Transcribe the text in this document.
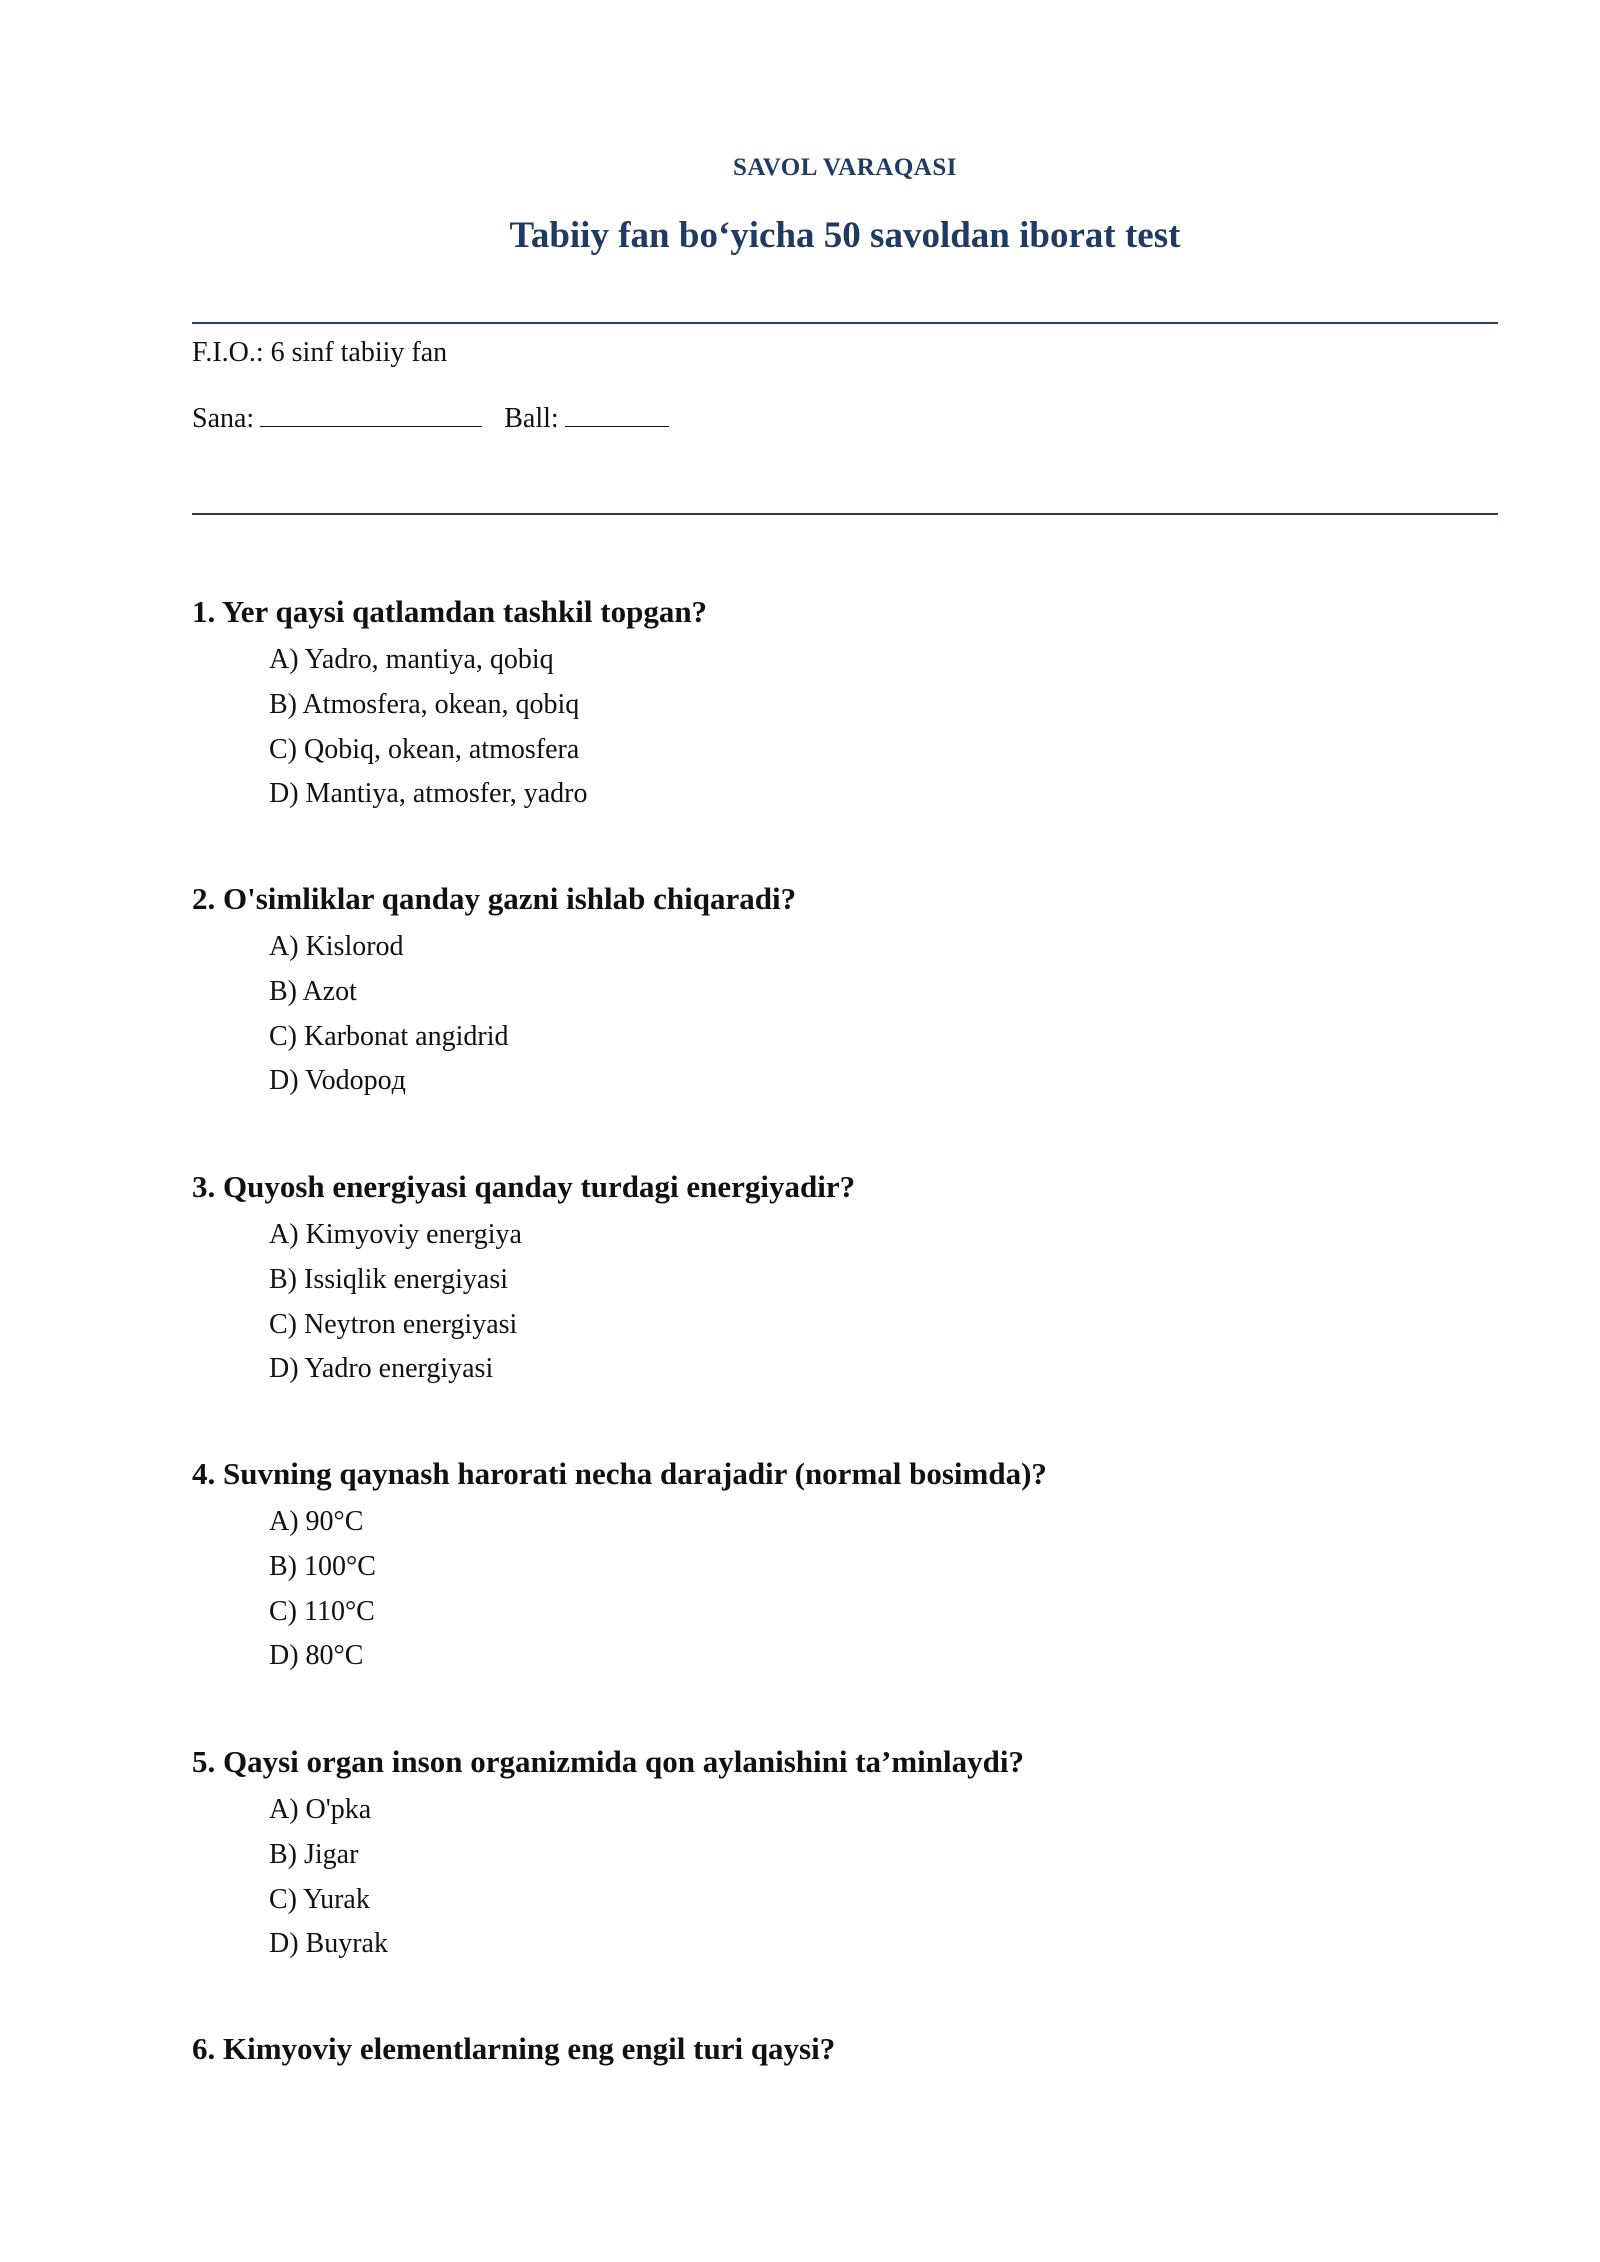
SAVOL VARAQASI
Tabiiy fan bo‘yicha 50 savoldan iborat test
F.I.O.: 6 sinf tabiiy fan
Sana:	Ball:
1. Yer qaysi qatlamdan tashkil topgan?
A) Yadro, mantiya, qobiq
B) Atmosfera, okean, qobiq
C) Qobiq, okean, atmosfera
D) Mantiya, atmosfer, yadro
2. O'simliklar qanday gazni ishlab chiqaradi?
A) Kislorod
B) Azot
C) Karbonat angidrid
D) Vodopoд
3. Quyosh energiyasi qanday turdagi energiyadir?
A) Kimyoviy energiya
B) Issiqlik energiyasi
C) Neytron energiyasi
D) Yadro energiyasi
4. Suvning qaynash harorati necha darajadir (normal bosimda)?
A) 90°C
B) 100°C
C) 110°C
D) 80°C
5. Qaysi organ inson organizmida qon aylanishini ta’minlaydi?
A) O'pka
B) Jigar
C) Yurak
D) Buyrak
6. Kimyoviy elementlarning eng engil turi qaysi?
